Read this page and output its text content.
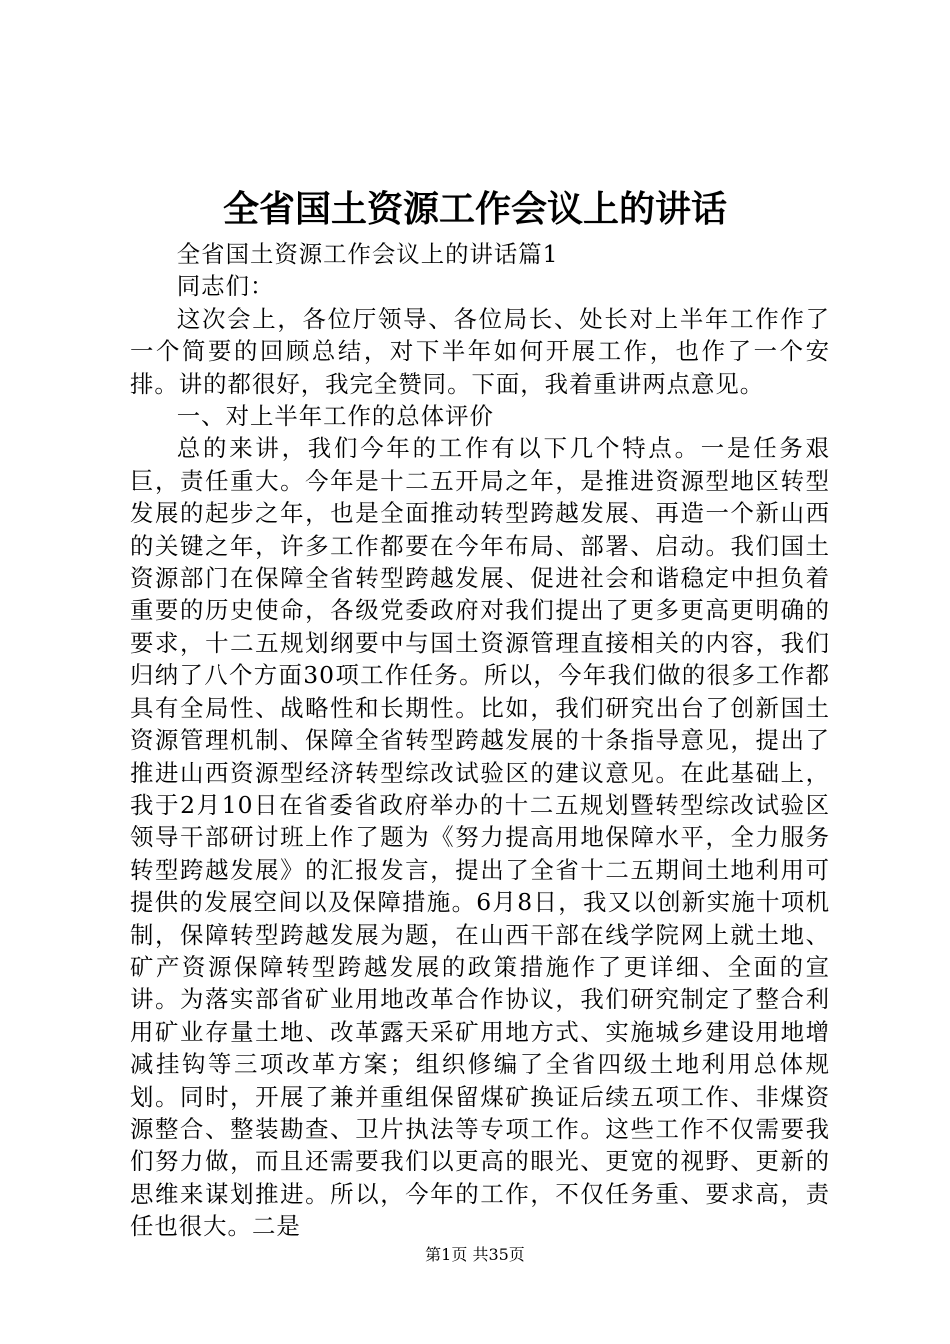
全省国土资源工作会议上的讲话

全省国土资源工作会议上的讲话篇1

同志们：

这次会上，各位厅领导、各位局长、处长对上半年工作作了一个简要的回顾总结，对下半年如何开展工作，也作了一个安排。讲的都很好，我完全赞同。下面，我着重讲两点意见。

一、对上半年工作的总体评价

总的来讲，我们今年的工作有以下几个特点。一是任务艰巨，责任重大。今年是十二五开局之年，是推进资源型地区转型发展的起步之年，也是全面推动转型跨越发展、再造一个新山西的关键之年，许多工作都要在今年布局、部署、启动。我们国土资源部门在保障全省转型跨越发展、促进社会和谐稳定中担负着重要的历史使命，各级党委政府对我们提出了更多更高更明确的要求，十二五规划纲要中与国土资源管理直接相关的内容，我们归纳了八个方面30项工作任务。所以，今年我们做的很多工作都具有全局性、战略性和长期性。比如，我们研究出台了创新国土资源管理机制、保障全省转型跨越发展的十条指导意见，提出了推进山西资源型经济转型综改试验区的建议意见。在此基础上，我于2月10日在省委省政府举办的十二五规划暨转型综改试验区领导干部研讨班上作了题为《努力提高用地保障水平，全力服务转型跨越发展》的汇报发言，提出了全省十二五期间土地利用可提供的发展空间以及保障措施。6月8日，我又以创新实施十项机制，保障转型跨越发展为题，在山西干部在线学院网上就土地、矿产资源保障转型跨越发展的政策措施作了更详细、全面的宣讲。为落实部省矿业用地改革合作协议，我们研究制定了整合利用矿业存量土地、改革露天采矿用地方式、实施城乡建设用地增减挂钩等三项改革方案；组织修编了全省四级土地利用总体规划。同时，开展了兼并重组保留煤矿换证后续五项工作、非煤资源整合、整装勘查、卫片执法等专项工作。这些工作不仅需要我们努力做，而且还需要我们以更高的眼光、更宽的视野、更新的思维来谋划推进。所以，今年的工作，不仅任务重、要求高，责任也很大。二是

第1页 共35页
